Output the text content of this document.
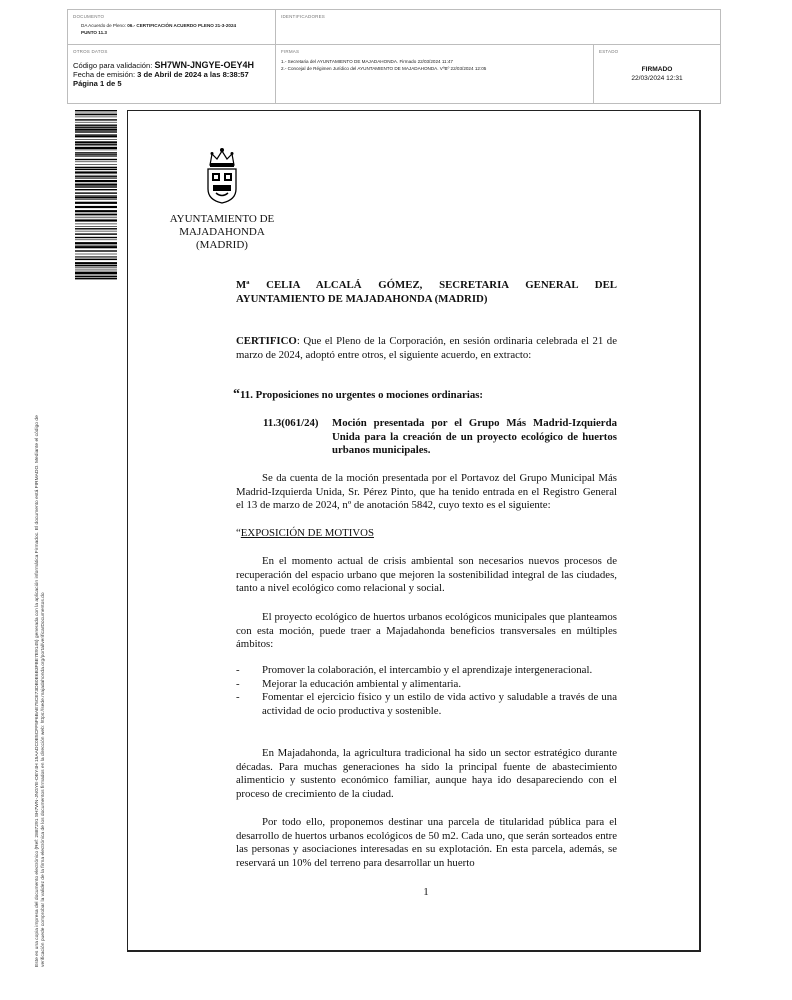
DOCUMENTO
DA Acuerdo de Pleno: 06.- CERTIFICACIÓN ACUERDO PLENO 21-3-2024
PUNTO 11.3
IDENTIFICADORES
OTROS DATOS
Código para validación: SH7WN-JNGYE-OEY4H
Fecha de emisión: 3 de Abril de 2024 a las 8:38:57
Página 1 de 5
FIRMAS
1.- Secretaria del AYUNTAMIENTO DE MAJADAHONDA. Firmado 22/03/2024 11:47
2.- Concejal de Régimen Jurídico del AYUNTAMIENTO DE MAJADAHONDA. VºBº 22/03/2024 12:05
ESTADO
FIRMADO
22/03/2024 12:31
Este es una copia impresa del documento electrónico (Ref: 2887291 SH7WN-JNGYE-OEY4H 15AADC0E5CFF5F6BAE75CE73DB0E6B3FBE7E9145) generada con la aplicación informática Firmadoc. El documento está FIRMADO. Mediante el código de verificación puede comprobar la validez de la firma electrónica de los documentos firmados en la dirección web: https://sede.majadahonda.org/portal/verificarDocumentos.do
AYUNTAMIENTO DE
MAJADAHONDA
(MADRID)
Mª CELIA ALCALÁ GÓMEZ, SECRETARIA GENERAL DEL AYUNTAMIENTO DE MAJADAHONDA (MADRID)
CERTIFICO: Que el Pleno de la Corporación, en sesión ordinaria celebrada el 21 de marzo de 2024, adoptó entre otros, el siguiente acuerdo, en extracto:
“11. Proposiciones no urgentes o mociones ordinarias:
11.3(061/24) Moción presentada por el Grupo Más Madrid-Izquierda Unida para la creación de un proyecto ecológico de huertos urbanos municipales.
Se da cuenta de la moción presentada por el Portavoz del Grupo Municipal Más Madrid-Izquierda Unida, Sr. Pérez Pinto, que ha tenido entrada en el Registro General el 13 de marzo de 2024, nº de anotación 5842, cuyo texto es el siguiente:
“EXPOSICIÓN DE MOTIVOS
En el momento actual de crisis ambiental son necesarios nuevos procesos de recuperación del espacio urbano que mejoren la sostenibilidad integral de las ciudades, tanto a nivel ecológico como relacional y social.
El proyecto ecológico de huertos urbanos ecológicos municipales que planteamos con esta moción, puede traer a Majadahonda beneficios transversales en múltiples ámbitos:
- Promover la colaboración, el intercambio y el aprendizaje intergeneracional.
- Mejorar la educación ambiental y alimentaria.
- Fomentar el ejercicio físico y un estilo de vida activo y saludable a través de una actividad de ocio productiva y sostenible.
En Majadahonda, la agricultura tradicional ha sido un sector estratégico durante décadas. Para muchas generaciones ha sido la principal fuente de abastecimiento alimenticio y sustento económico familiar, aunque haya ido desapareciendo con el proceso de crecimiento de la ciudad.
Por todo ello, proponemos destinar una parcela de titularidad pública para el desarrollo de huertos urbanos ecológicos de 50 m2. Cada uno, que serán sorteados entre las personas y asociaciones interesadas en su explotación. En esta parcela, además, se reservará un 10% del terreno para desarrollar un huerto
1
